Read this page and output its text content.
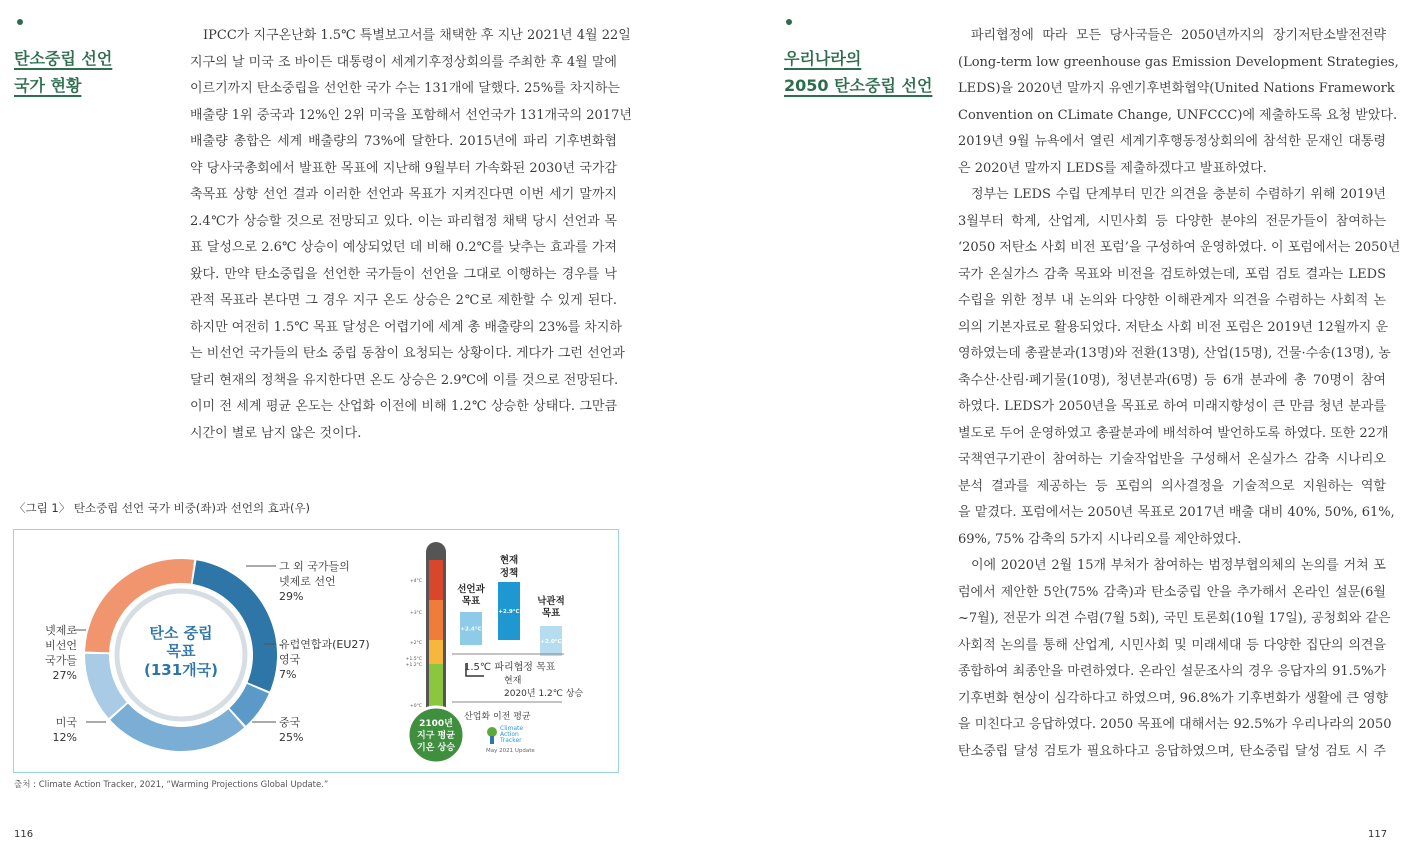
탄소중립 선언
국가 현황
IPCC가 지구온난화 1.5℃ 특별보고서를 채택한 후 지난 2021년 4월 22일
지구의 날 미국 조 바이든 대통령이 세계기후정상회의를 주최한 후 4월 말에
이르기까지 탄소중립을 선언한 국가 수는 131개에 달했다. 25%를 차지하는
배출량 1위 중국과 12%인 2위 미국을 포함해서 선언국가 131개국의 2017년
배출량 총합은 세계 배출량의 73%에 달한다. 2015년에 파리 기후변화협
약 당사국총회에서 발표한 목표에 지난해 9월부터 가속화된 2030년 국가감
축목표 상향 선언 결과 이러한 선언과 목표가 지켜진다면 이번 세기 말까지
2.4℃가 상승할 것으로 전망되고 있다. 이는 파리협정 채택 당시 선언과 목
표 달성으로 2.6℃ 상승이 예상되었던 데 비해 0.2℃를 낮추는 효과를 가져
왔다. 만약 탄소중립을 선언한 국가들이 선언을 그대로 이행하는 경우를 낙
관적 목표라 본다면 그 경우 지구 온도 상승은 2℃로 제한할 수 있게 된다.
하지만 여전히 1.5℃ 목표 달성은 어렵기에 세계 총 배출량의 23%를 차지하
는 비선언 국가들의 탄소 중립 동참이 요청되는 상황이다. 게다가 그런 선언과
달리 현재의 정책을 유지한다면 온도 상승은 2.9℃에 이를 것으로 전망된다.
이미 전 세계 평균 온도는 산업화 이전에 비해 1.2℃ 상승한 상태다. 그만큼
시간이 별로 남지 않은 것이다.
〈그림 1〉 탄소중립 선언 국가 비중(좌)과 선언의 효과(우)
탄소 중립
목표
(131개국)
그 외 국가들의
넷제로 선언
29%
유럽연합과(EU27)
영국
7%
중국
25%
미국
12%
넷제로
비선언
국가들
27%
2100년
지구 평균
기온 상승
+4°C
+3°C
+2°C
+1.5°C
+1.2°C
+0°C
선언과
목표
+2.4°C
현재
정책
+2.9°C
낙관적
목표
+2.0°C
1.5℃ 파리협정 목표
현재
2020년 1.2℃ 상승
산업화 이전 평균
Climate
Action
Tracker
May 2021 Update
출처 : Climate Action Tracker, 2021, “Warming Projections Global Update.”
116
우리나라의
2050 탄소중립 선언
파리협정에 따라 모든 당사국들은 2050년까지의 장기저탄소발전전략
(Long-term low greenhouse gas Emission Development Strategies,
LEDS)을 2020년 말까지 유엔기후변화협약(United Nations Framework
Convention on CLimate Change, UNFCCC)에 제출하도록 요청 받았다.
2019년 9월 뉴욕에서 열린 세계기후행동정상회의에 참석한 문재인 대통령
은 2020년 말까지 LEDS를 제출하겠다고 발표하였다.
정부는 LEDS 수립 단계부터 민간 의견을 충분히 수렴하기 위해 2019년
3월부터 학계, 산업계, 시민사회 등 다양한 분야의 전문가들이 참여하는
‘2050 저탄소 사회 비전 포럼’을 구성하여 운영하였다. 이 포럼에서는 2050년
국가 온실가스 감축 목표와 비전을 검토하였는데, 포럼 검토 결과는 LEDS
수립을 위한 정부 내 논의와 다양한 이해관계자 의견을 수렴하는 사회적 논
의의 기본자료로 활용되었다. 저탄소 사회 비전 포럼은 2019년 12월까지 운
영하였는데 총괄분과(13명)와 전환(13명), 산업(15명), 건물·수송(13명), 농
축수산·산림·폐기물(10명), 청년분과(6명) 등 6개 분과에 총 70명이 참여
하였다. LEDS가 2050년을 목표로 하여 미래지향성이 큰 만큼 청년 분과를
별도로 두어 운영하였고 총괄분과에 배석하여 발언하도록 하였다. 또한 22개
국책연구기관이 참여하는 기술작업반을 구성해서 온실가스 감축 시나리오
분석 결과를 제공하는 등 포럼의 의사결정을 기술적으로 지원하는 역할
을 맡겼다. 포럼에서는 2050년 목표로 2017년 배출 대비 40%, 50%, 61%,
69%, 75% 감축의 5가지 시나리오를 제안하였다.
이에 2020년 2월 15개 부처가 참여하는 범정부협의체의 논의를 거쳐 포
럼에서 제안한 5안(75% 감축)과 탄소중립 안을 추가해서 온라인 설문(6월
~7월), 전문가 의견 수렴(7월 5회), 국민 토론회(10월 17일), 공청회와 같은
사회적 논의를 통해 산업계, 시민사회 및 미래세대 등 다양한 집단의 의견을
종합하여 최종안을 마련하였다. 온라인 설문조사의 경우 응답자의 91.5%가
기후변화 현상이 심각하다고 하였으며, 96.8%가 기후변화가 생활에 큰 영향
을 미친다고 응답하였다. 2050 목표에 대해서는 92.5%가 우리나라의 2050
탄소중립 달성 검토가 필요하다고 응답하였으며, 탄소중립 달성 검토 시 주
117
